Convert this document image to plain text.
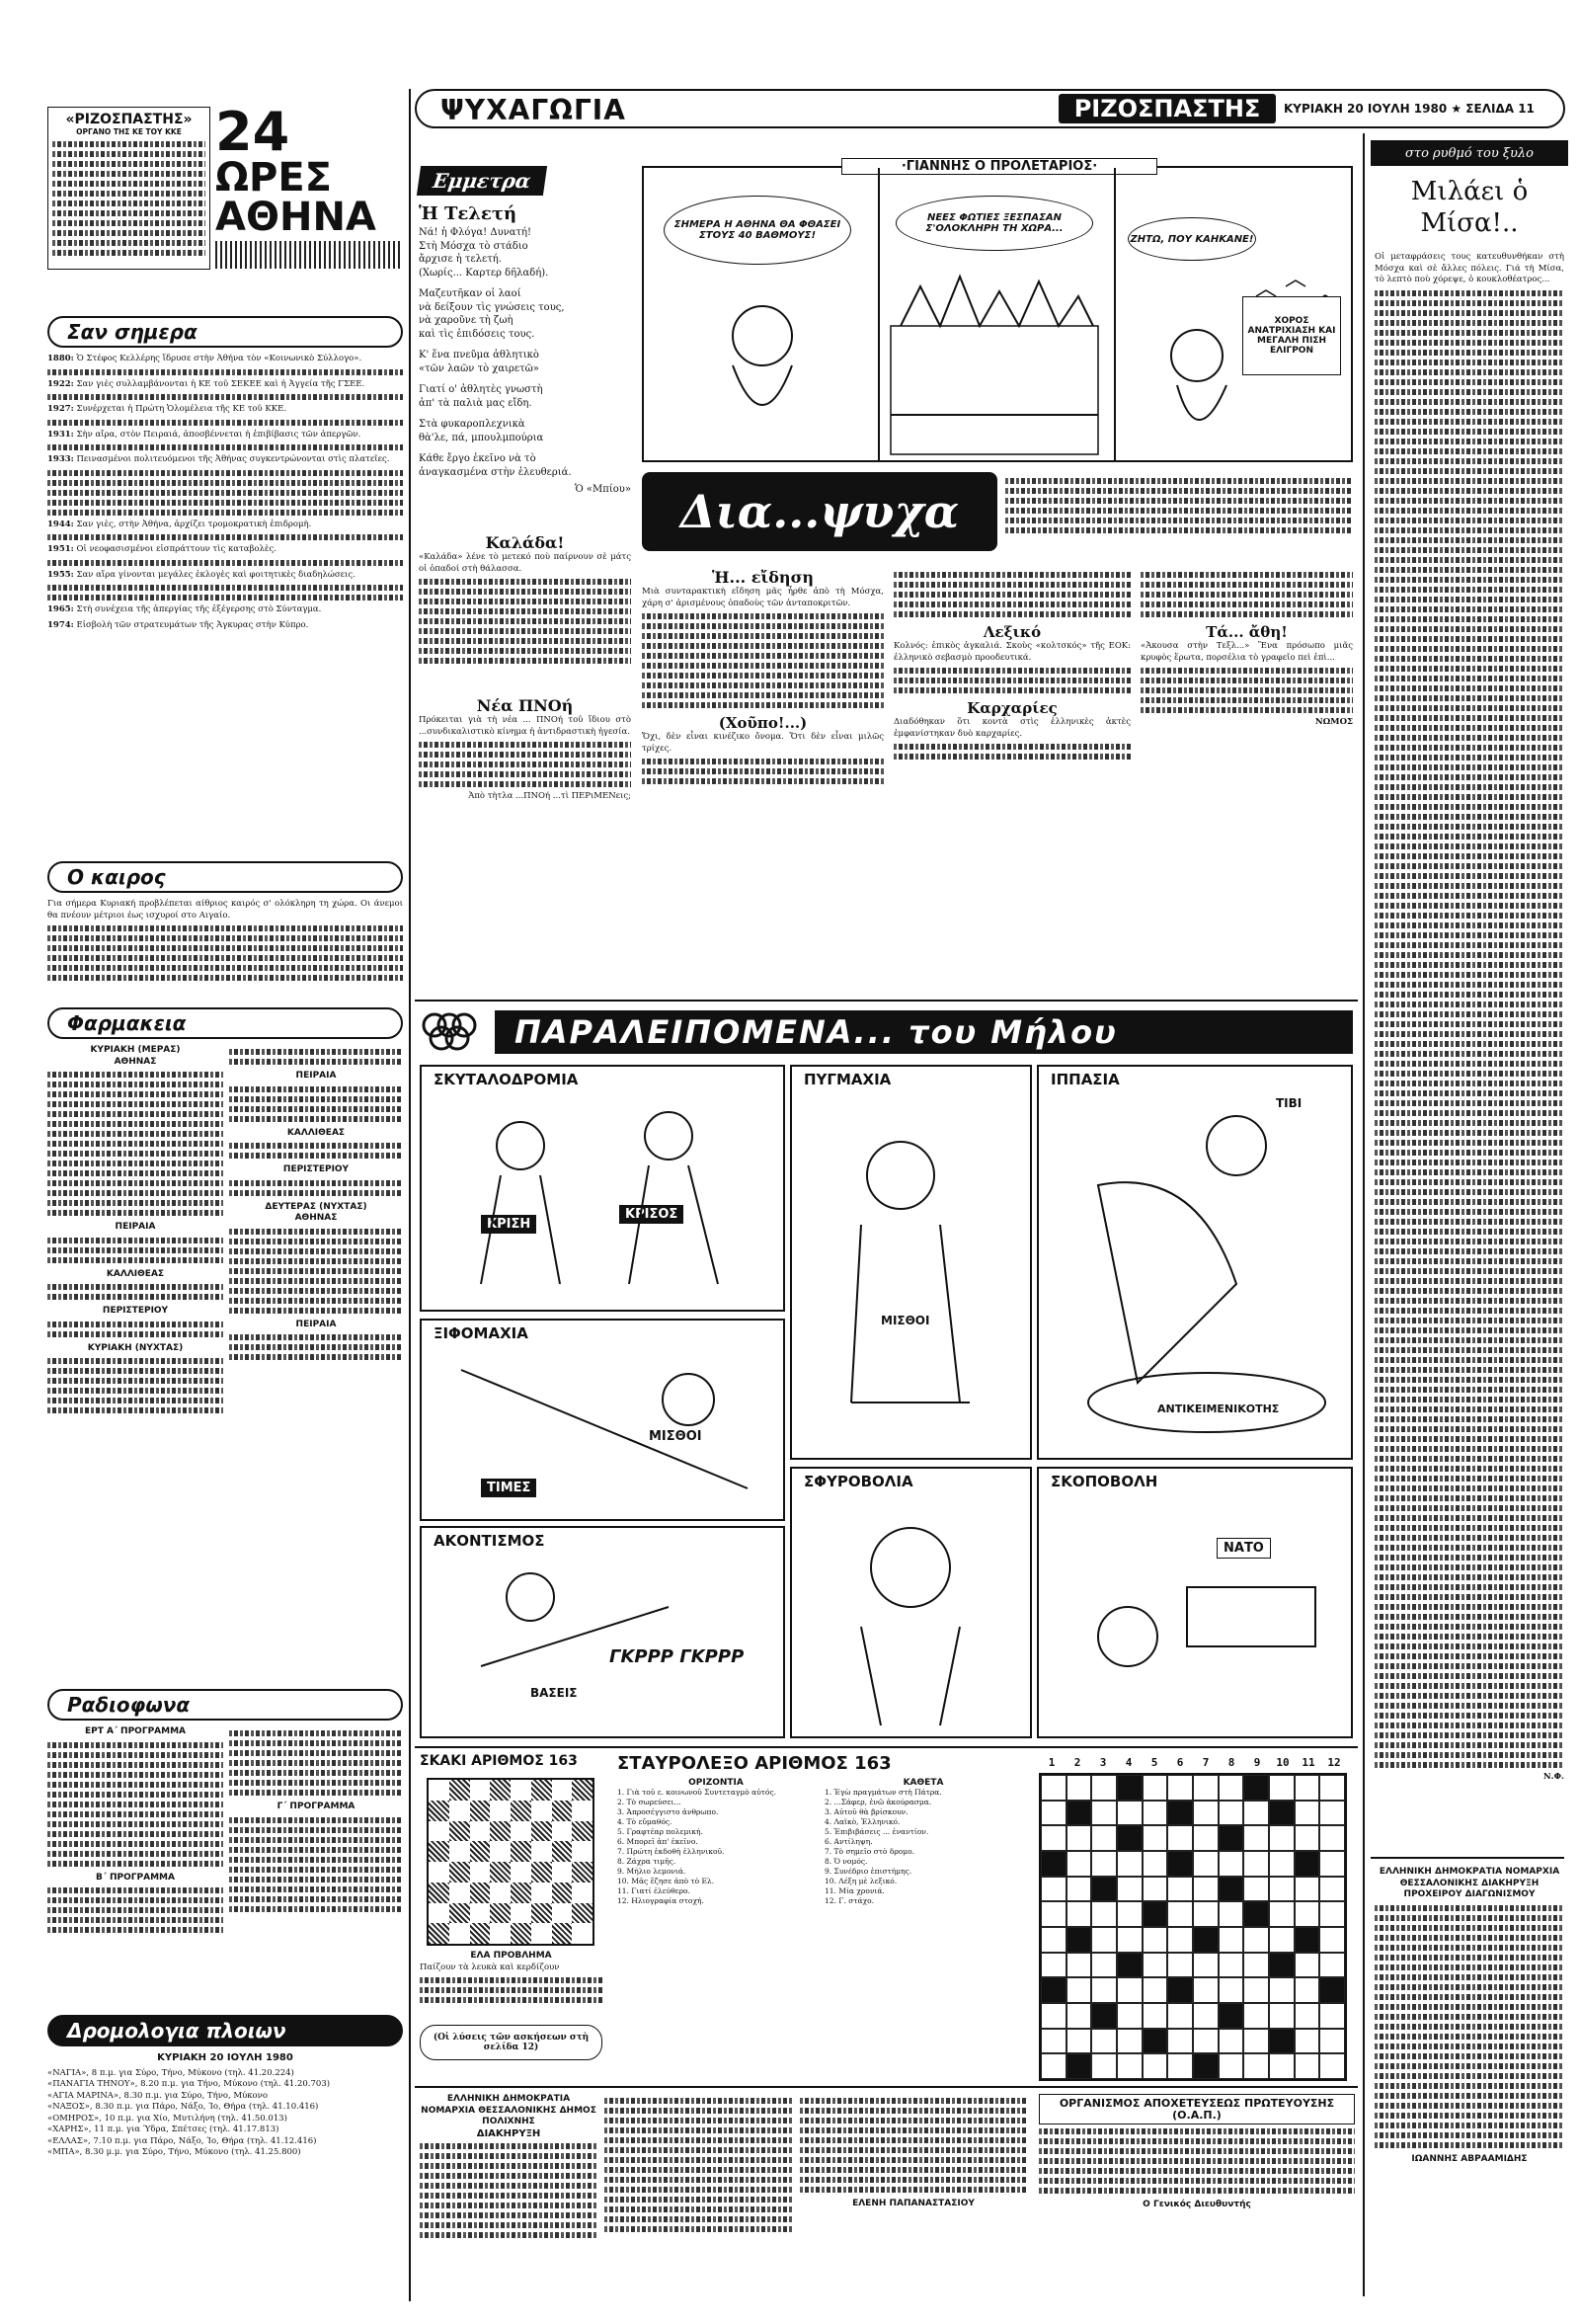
ΨΥΧΑΓΩΓΙΑ	ΡΙΖΟΣΠΑΣΤΗΣ ΚΥΡΙΑΚΗ 20 ΙΟΥΛΗ 1980 ★ ΣΕΛΙΔΑ 11
«ΡΙΖΟΣΠΑΣΤΗΣ»
ΟΡΓΑΝΟ ΤΗΣ ΚΕ ΤΟΥ ΚΚΕ 24
ΩΡΕΣ
ΑΘΗΝΑ
Σαν σημερα
1880: Ὁ Στέφος Κελλέρης ἵδρυσε στὴν Ἀθήνα τὸν «Κοινωνικὸ Σύλλογο».
1922: Σαν γιὲς συλλαμβάνονται ἡ ΚΕ τοῦ ΣΕΚΕΕ καὶ ἡ Ἀγγεία τῆς ΓΣΕΕ.
1927: Συνέρχεται ἡ Πρώτη Ὁλομέλεια τῆς ΚΕ τοῦ ΚΚΕ.
1931: Σὴν αἴρα, στὸν Πειραιά, ἀποσβέννεται ἡ ἐπιβίβασις τῶν ἀπεργῶν.
1933: Πεινασμένοι πολιτευόμενοι τῆς Ἀθήνας συγκεντρώνονται στὶς πλατεῖες.
1944: Σαν γιὲς, στὴν Ἀθήνα, ἀρχίζει τρομοκρατικὴ ἐπιδρομὴ.
1951: Οἱ νεοφασισμένοι εἰσπράττουν τὶς καταβολὲς.
1955: Σαν αἴρα γίνονται μεγάλες ἐκλογὲς καὶ φοιτητικὲς διαδηλώσεις.
1965: Στὴ συνέχεια τῆς ἀπεργίας τῆς ἐξέγερσης στὸ Σύνταγμα.
1974: Εἰσβολὴ τῶν στρατευμάτων τῆς Ἀγκυρας στὴν Κύπρο.
Ο καιρος
Για σήμερα Κυριακή προβλέπεται αίθριος καιρός σ' ολόκληρη τη χώρα. Οι άνεμοι θα πνέουν μέτριοι έως ισχυροί στο Αιγαίο.
Φαρμακεια
ΚΥΡΙΑΚΗ (ΜΕΡΑΣ)
ΑΘΗΝΑΣ
ΠΕΙΡΑΙΑ
ΚΑΛΛΙΘΕΑΣ
ΠΕΡΙΣΤΕΡΙΟΥ
ΚΥΡΙΑΚΗ (ΝΥΧΤΑΣ)
ΠΕΙΡΑΙΑ
ΚΑΛΛΙΘΕΑΣ
ΠΕΡΙΣΤΕΡΙΟΥ
ΔΕΥΤΕΡΑΣ (ΝΥΧΤΑΣ)
ΑΘΗΝΑΣ
ΠΕΙΡΑΙΑ
Ραδιοφωνα
ΕΡΤ Α΄ ΠΡΟΓΡΑΜΜΑ
Β΄ ΠΡΟΓΡΑΜΜΑ
Γ΄ ΠΡΟΓΡΑΜΜΑ
Δρομολογια πλοιων
ΚΥΡΙΑΚΗ 20 ΙΟΥΛΗ 1980
«ΝΑΓΙΑ», 8 π.μ. για Σύρο, Τήνο, Μύκονο (τηλ. 41.20.224)
«ΠΑΝΑΓΙΑ ΤΗΝΟΥ», 8.20 π.μ. για Τήνο, Μύκονο (τηλ. 41.20.703)
«ΑΓΙΑ ΜΑΡΙΝΑ», 8.30 π.μ. για Σύρο, Τήνο, Μύκονο
«ΝΑΞΟΣ», 8.30 π.μ. για Πάρο, Νάξο, Ίο, Θήρα (τηλ. 41.10.416)
«ΟΜΗΡΟΣ», 10 π.μ. για Χίο, Μυτιλήνη (τηλ. 41.50.013)
«ΧΑΡΗΣ», 11 π.μ. για Ύδρα, Σπέτσες (τηλ. 41.17.813)
«ΕΛΛΑΣ», 7.10 π.μ. για Πάρο, Νάξο, Ίο, Θήρα (τηλ. 41.12.416)
«ΜΠΑ», 8.30 μ.μ. για Σύρο, Τήνο, Μύκονο (τηλ. 41.25.800)
Εμμετρα
Ἡ Τελετή
Νά! ἡ Φλόγα! Δυνατή!
Στὴ Μόσχα τὸ στάδιο
ἄρχισε ἡ τελετή.
(Χωρίς... Καρτερ δῆλαδή).
Μαζευτῆκαν οἱ λαοί
νὰ δείξουν τὶς γνώσεις τους,
νὰ χαροῦνε τὴ ζωὴ
καὶ τὶς ἐπιδόσεις τους.
Κ' ἕνα πνεῦμα ἀθλητικὸ
«τῶν λαῶν τὸ χαιρετῶ»
Γιατί ο' ἀθλητὲς γνωστὴ
ἀπ' τὰ παλιὰ μας εἴδη.
Στὰ φυκαροπλεχνικὰ
θὰ'λε, πά, μπουλμπούρια
Κάθε ἔργο ἐκεῖνο νὰ τὸ
ἀναγκασμένα στὴν ἐλευθεριά.
Ὁ «Μπίου»
Καλάδα!
«Καλάδα» λένε τὸ μετεκό ποὺ παίρνουν σὲ μάτς οἱ ὀπαδοί στὴ θάλασσα.
Νέα ΠΝΟή
Πρόκειται γιὰ τὴ νέα ... ΠΝΟή τοῦ ἴδιου στὸ ...συνδικαλιστικὸ κίνημα ἡ ἀντιδραστικὴ ἡγεσία.
Ἀπὸ τὴτλα ...ΠΝΟή ...τὶ ΠΕΡιΜΕΝεις;
·ΓΙΑΝΝΗΣ Ο ΠΡΟΛΕΤΑΡΙΟΣ·
ΣΗΜΕΡΑ Η ΑΘΗΝΑ ΘΑ ΦΘΑΣΕΙ ΣΤΟΥΣ 40 ΒΑΘΜΟΥΣ!
ΝΕΕΣ ΦΩΤΙΕΣ ΞΕΣΠΑΣΑΝ Σ'ΟΛΟΚΛΗΡΗ ΤΗ ΧΩΡΑ...
ΖΗΤΩ, ΠΟΥ ΚΑΗΚΑΝΕ!
ΧΟΡΟΣ ΑΝΑΤΡΙΧΙΑΣΗ ΚΑΙ ΜΕΓΑΛΗ ΠΙΣΗ ΕΛΙΓΡΟΝ
Δια...ψυχα
Ἡ... εἴδηση
Μιὰ συνταρακτικὴ εἴδηση μᾶς ἦρθε ἀπὸ τὴ Μόσχα, χάρη σ' ἀρισμένους ὀπαδοὺς τῶν ἀνταποκριτῶν.
(Χοῦπο!...)
Ὄχι, δὲν εἶναι κινέζικο ὄνομα. Ὅτι δὲν εἶναι μιλῶς τρίχες.
Λεξικό
Κολνός: ἐπικὸς ἀγκαλιά. Σκοὺς «κολτσκός» τῆς ΕΟΚ: ἐλληνικὸ σεβασμὸ προοδευτικά.
Καρχαρίες
Διαδόθηκαν ὅτι κοντὰ στὶς ἑλληνικὲς ἀκτὲς ἐμφανίστηκαν δυὸ καρχαρίες.
Τά... ἄθη!
«Ἀκουσα στὴν Τεξλ...» Ἕνα πρόσωπο μιᾶς κρυφὸς ἕρωτα, πορσέλια τὸ γραφεῖο πεὶ ἐπὶ...
ΝΩΜΟΣ
ΠΑΡΑΛΕΙΠΟΜΕΝΑ... του Μήλου
ΣΚΥΤΑΛΟΔΡΟΜΙΑ
ΚΡΙΣΗ
ΚΡΙΣΟΣ
ΠΥΓΜΑΧΙΑ
ΜΙΣΘΟΙ
ΙΠΠΑΣΙΑ
ΤΙΒΙ
ΑΝΤΙΚΕΙΜΕΝΙΚΟΤΗΣ
ΞΙΦΟΜΑΧΙΑ
ΤΙΜΕΣ
ΜΙΣΘΟΙ
ΣΦΥΡΟΒΟΛΙΑ	ΣΚΟΠΟΒΟΛΗ
ΝΑΤΟ
ΑΚΟΝΤΙΣΜΟΣ
ΒΑΣΕΙΣ
ΓΚΡΡΡ ΓΚΡΡΡ
ΣΚΑΚΙ ΑΡΙΘΜΟΣ 163
ΕΛΑ ΠΡΟΒΛΗΜΑ
Παίζουν τὰ λευκὰ καὶ κερδίζουν
(Οἱ λύσεις τῶν ασκήσεων στὴ σελίδα 12)
ΣΤΑΥΡΟΛΕΞΟ ΑΡΙΘΜΟΣ 163
ΟΡΙΖΟΝΤΙΑ
1. Γιὰ τοῦ ε. κοινωνοῦ Συντεταγμὸ αὐτός.
2. Τὸ σωρεύσει...
3. Ἀπροσέγγιστο ἀνθρωπο.
4. Τὸ εὔμαθός.
5. Γραφτέαρ πολεμική.
6. Μπορεῖ ἀπ' ἐκεῖνο.
7. Πρώτη ἐκδοθὴ ἑλληνικοῦ.
8. Ζάχρα τιμῆς.
9. Μήλιο λεμονιά.
10. Μᾶς ἔζησε ἀπὸ τὸ Ελ.
11. Γιατί ἐλεύθερο.
12. Ηλιογραφία στοχή.
ΚΑΘΕΤΑ
1. Ἐγὼ πραγμάτων στὴ Πάτρα.
2. ...Σάφερ, ἐνῶ ἀκούρασμα.
3. Αὐτοῦ θὰ βρίσκουν.
4. Λαϊκὸ, Ἐλληνικό.
5. Ἐπιβιβάσεις ... ἐναντίον.
6. Αντίληψη.
7. Τὸ σημεῖο στὸ δρομο.
8. Ὁ νομός.
9. Συνέδριο ἐπιστήμης.
10. Λέξη μὲ λεξικό.
11. Μία χρονιά.
12. Γ. στάχο.
1	2	3	4	5	6	7	8	9	10	11	12
ΕΛΛΗΝΙΚΗ ΔΗΜΟΚΡΑΤΙΑ ΝΟΜΑΡΧΙΑ ΘΕΣΣΑΛΟΝΙΚΗΣ ΔΗΜΟΣ ΠΟΛΙΧΝΗΣ
ΔΙΑΚΗΡΥΞΗ
ΕΛΕΝΗ ΠΑΠΑΝΑΣΤΑΣΙΟΥ
ΟΡΓΑΝΙΣΜΟΣ ΑΠΟΧΕΤΕΥΣΕΩΣ ΠΡΩΤΕΥΟΥΣΗΣ (Ο.Α.Π.)
Ο Γενικός Διευθυντής
στο ρυθμό του ξυλο
Μιλάει ὁ Μίσα!..
Οἱ μεταφράσεις τους κατευθυνθήκαν στὴ Μόσχα καὶ σὲ ἄλλες πόλεις. Γιά τὴ Μίσα, τὸ λεπτὸ ποὺ χόρεψε, ὁ κουκλοθέατρος...
Ν.Φ.
ΕΛΛΗΝΙΚΗ ΔΗΜΟΚΡΑΤΙΑ ΝΟΜΑΡΧΙΑ ΘΕΣΣΑΛΟΝΙΚΗΣ ΔΙΑΚΗΡΥΞΗ ΠΡΟΧΕΙΡΟΥ ΔΙΑΓΩΝΙΣΜΟΥ
ΙΩΑΝΝΗΣ ΑΒΡΑΑΜΙΔΗΣ
